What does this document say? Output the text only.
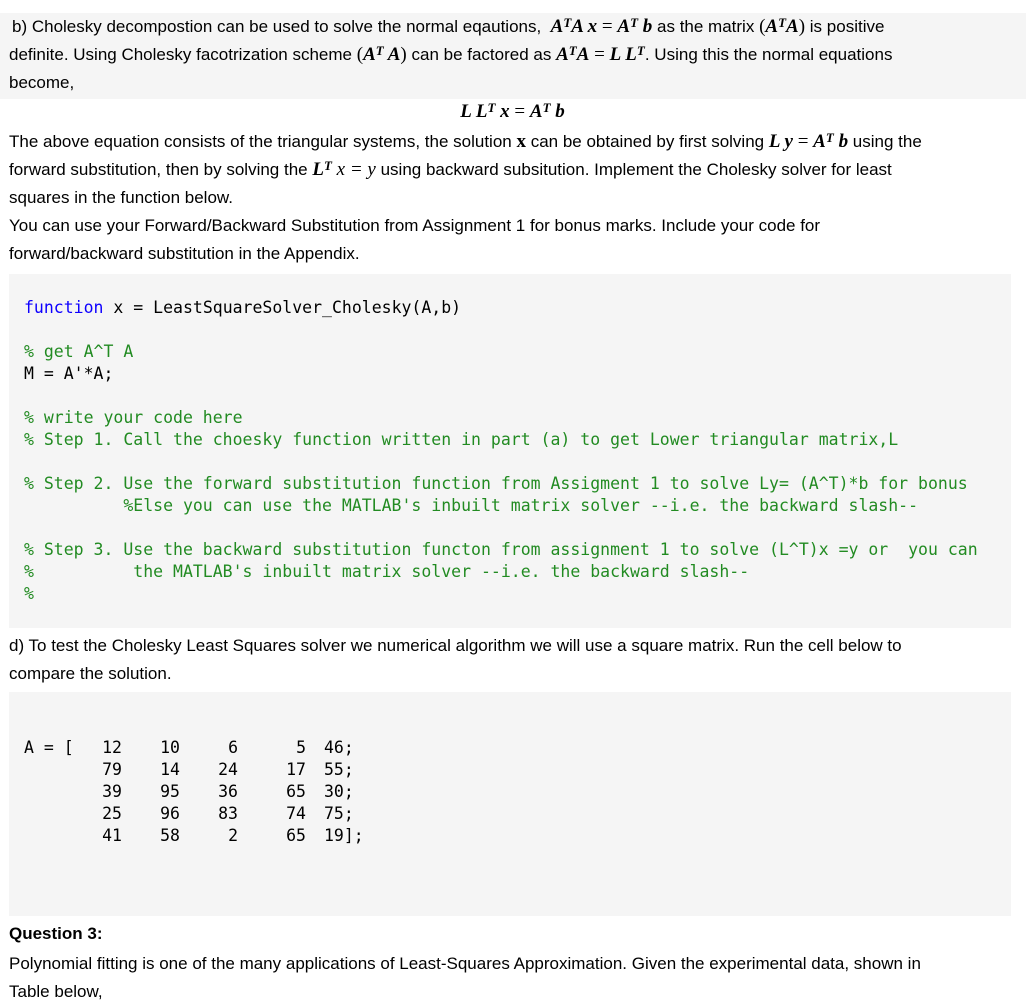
b) Cholesky decompostion can be used to solve the normal eqautions, $A^TA$ $x = A^T$ b as the matrix $(A^TA)$ is positive
definite. Using Cholesky facotrization scheme ($A^T$ A) can be factored as $A^TA = L$ $L^T$. Using this the normal equations
become,
L $L^T$ $x = A^T$ b
The above equation consists of the triangular systems, the solution x can be obtained by first solving L $y = A^T$ b using the
forward substitution, then by solving the $L^T$ x = y using backward subsitution. Implement the Cholesky solver for least
squares in the function below.
You can use your Forward/Backward Substitution from Assignment 1 for bonus marks. Include your code for
forward/backward substitution in the Appendix.

function x = LeastSquareSolver_Cholesky(A,b)
% get A^T A
M = A'*A;
% write your code here
% Step 1. Call the choesky function written in part (a) to get Lower triangular matrix,L
% Step 2. Use the forward substitution function from Assigment 1 to solve Ly= (A^T)*b for bonus
%Else you can use the MATLAB's inbuilt matrix solver --i.e. the backward slash--
% Step 3. Use the backward substitution functon from assignment 1 to solve (L^T)x =y or  you can
%          the MATLAB's inbuilt matrix solver --i.e. the backward slash--
%

d) To test the Cholesky Least Squares solver we numerical algorithm we will use a square matrix. Run the cell below to
compare the solution.

A = [

12	10	6	5	46;
79	14	24	17	55;
39	95	36	65	30;
25	96	83	74	75;
41	58	2	65	19];

Question 3:
Polynomial fitting is one of the many applications of Least-Squares Approximation. Given the experimental data, shown in
Table below,
